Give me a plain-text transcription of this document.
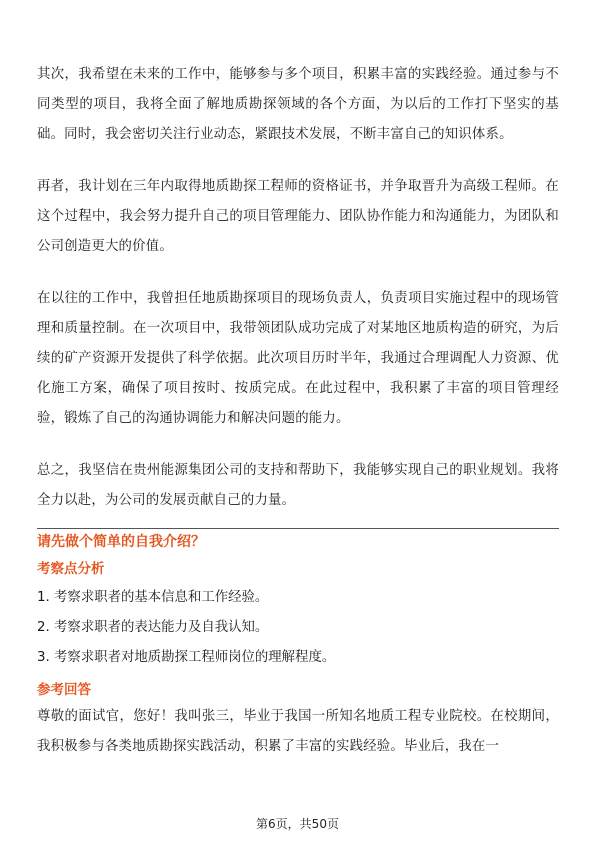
其次，我希望在未来的工作中，能够参与多个项目，积累丰富的实践经验。通过参与不同类型的项目，我将全面了解地质勘探领域的各个方面，为以后的工作打下坚实的基础。同时，我会密切关注行业动态，紧跟技术发展，不断丰富自己的知识体系。

再者，我计划在三年内取得地质勘探工程师的资格证书，并争取晋升为高级工程师。在这个过程中，我会努力提升自己的项目管理能力、团队协作能力和沟通能力，为团队和公司创造更大的价值。

在以往的工作中，我曾担任地质勘探项目的现场负责人，负责项目实施过程中的现场管理和质量控制。在一次项目中，我带领团队成功完成了对某地区地质构造的研究，为后续的矿产资源开发提供了科学依据。此次项目历时半年，我通过合理调配人力资源、优化施工方案，确保了项目按时、按质完成。在此过程中，我积累了丰富的项目管理经验，锻炼了自己的沟通协调能力和解决问题的能力。

总之，我坚信在贵州能源集团公司的支持和帮助下，我能够实现自己的职业规划。我将全力以赴，为公司的发展贡献自己的力量。

请先做个简单的自我介绍？
考察点分析
1. 考察求职者的基本信息和工作经验。
2. 考察求职者的表达能力及自我认知。
3. 考察求职者对地质勘探工程师岗位的理解程度。
参考回答

尊敬的面试官，您好！我叫张三，毕业于我国一所知名地质工程专业院校。在校期间，我积极参与各类地质勘探实践活动，积累了丰富的实践经验。毕业后，我在一

第6页，共50页
